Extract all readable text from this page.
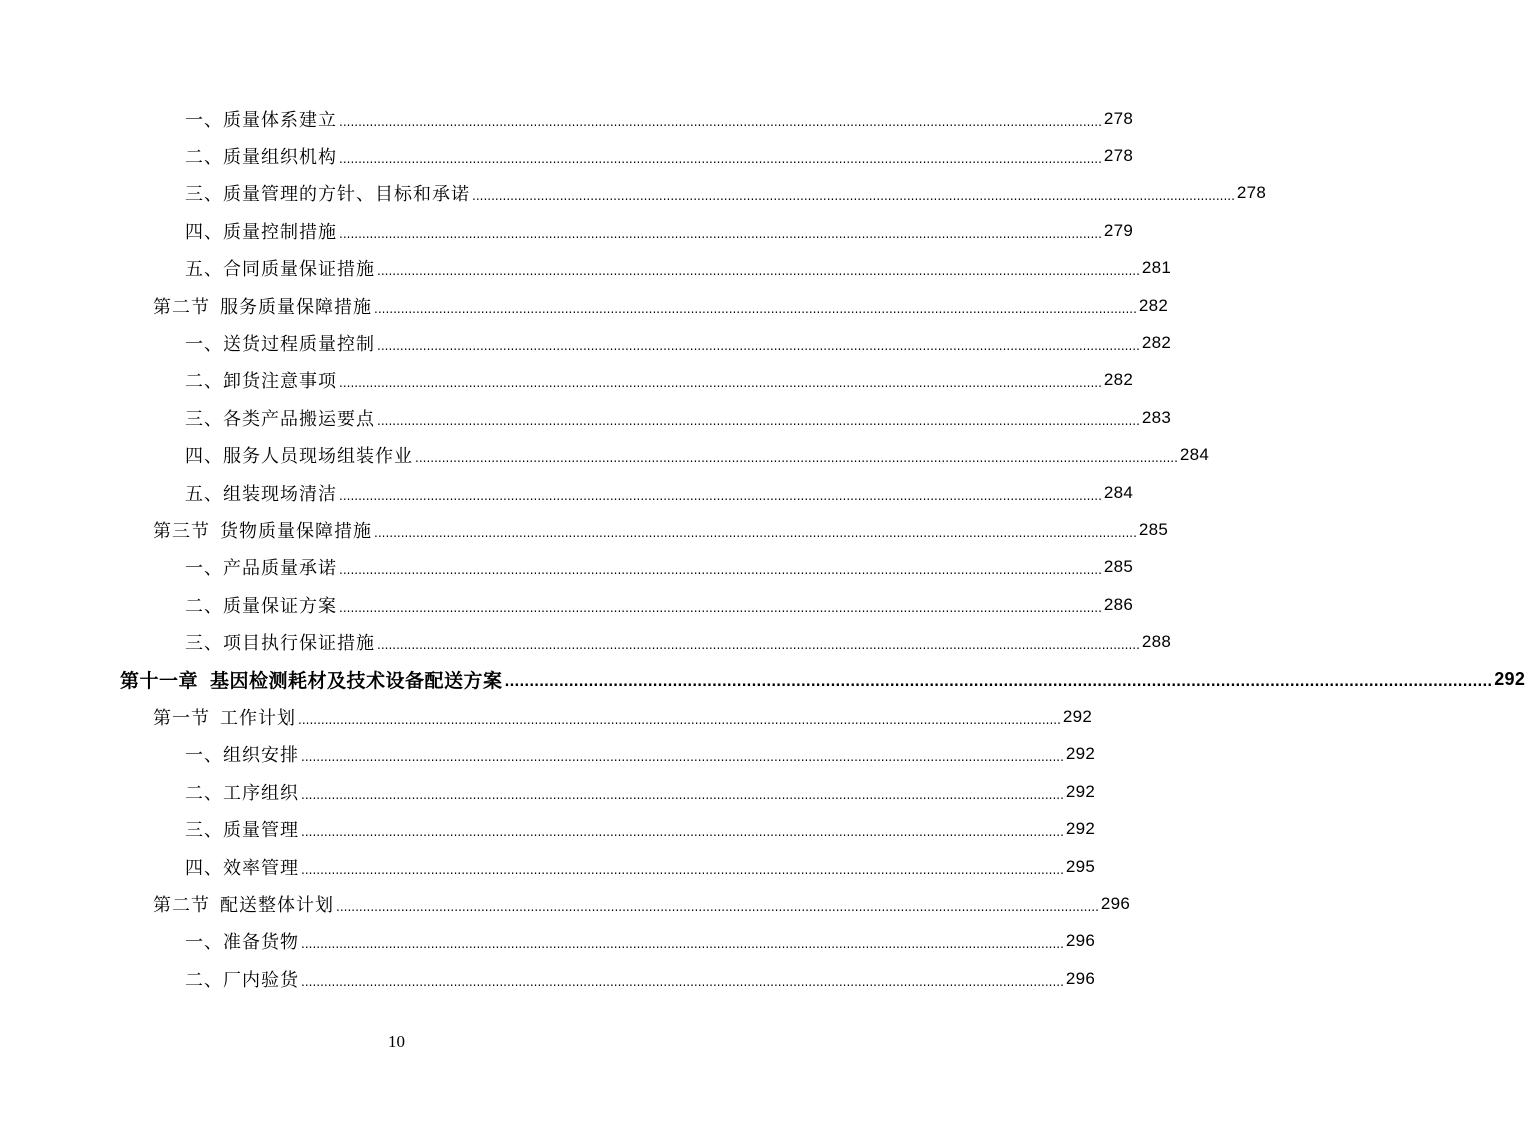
一、质量体系建立 ........................................................................................................................................................................................................ 278
二、质量组织机构 ........................................................................................................................................................................................................ 278
三、质量管理的方针、目标和承诺 ........................................................................................................................................................................................................ 278
四、质量控制措施 ........................................................................................................................................................................................................ 279
五、合同质量保证措施 ........................................................................................................................................................................................................ 281
第二节 服务质量保障措施 ........................................................................................................................................................................................................ 282
一、送货过程质量控制 ........................................................................................................................................................................................................ 282
二、卸货注意事项 ........................................................................................................................................................................................................ 282
三、各类产品搬运要点 ........................................................................................................................................................................................................ 283
四、服务人员现场组装作业 ........................................................................................................................................................................................................ 284
五、组装现场清洁 ........................................................................................................................................................................................................ 284
第三节 货物质量保障措施 ........................................................................................................................................................................................................ 285
一、产品质量承诺 ........................................................................................................................................................................................................ 285
二、质量保证方案 ........................................................................................................................................................................................................ 286
三、项目执行保证措施 ........................................................................................................................................................................................................ 288
第十一章 基因检测耗材及技术设备配送方案 ........................................................................................................................................................................................................ 292
第一节 工作计划 ........................................................................................................................................................................................................ 292
一、组织安排 ........................................................................................................................................................................................................ 292
二、工序组织 ........................................................................................................................................................................................................ 292
三、质量管理 ........................................................................................................................................................................................................ 292
四、效率管理 ........................................................................................................................................................................................................ 295
第二节 配送整体计划 ........................................................................................................................................................................................................ 296
一、准备货物 ........................................................................................................................................................................................................ 296
二、厂内验货 ........................................................................................................................................................................................................ 296
10
